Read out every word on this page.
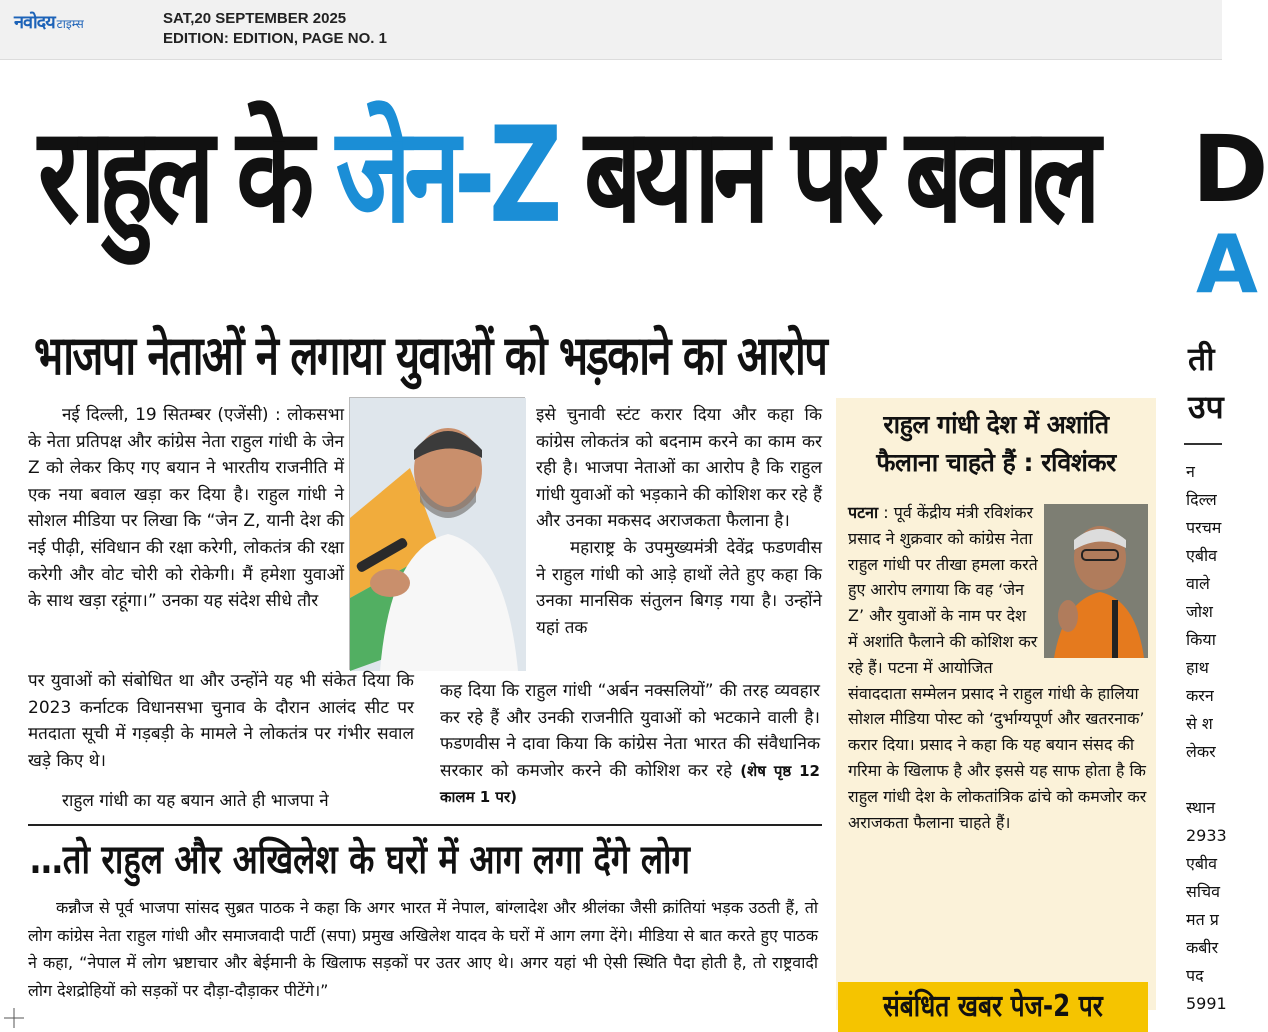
नवोदय टाइम्स	SAT,20 SEPTEMBER 2025
EDITION: EDITION, PAGE NO. 1
राहुल के जेन-Z बयान पर बवाल
भाजपा नेताओं ने लगाया युवाओं को भड़काने का आरोप
नई दिल्ली, 19 सितम्बर (एजेंसी) : लोकसभा के नेता प्रतिपक्ष और कांग्रेस नेता राहुल गांधी के जेन Z को लेकर किए गए बयान ने भारतीय राजनीति में एक नया बवाल खड़ा कर दिया है। राहुल गांधी ने सोशल मीडिया पर लिखा कि “जेन Z, यानी देश की नई पीढ़ी, संविधान की रक्षा करेगी, लोकतंत्र की रक्षा करेगी और वोट चोरी को रोकेगी। मैं हमेशा युवाओं के साथ खड़ा रहूंगा।” उनका यह संदेश सीधे तौर
पर युवाओं को संबोधित था और उन्होंने यह भी संकेत दिया कि 2023 कर्नाटक विधानसभा चुनाव के दौरान आलंद सीट पर मतदाता सूची में गड़बड़ी के मामले ने लोकतंत्र पर गंभीर सवाल खड़े किए थे।
राहुल गांधी का यह बयान आते ही भाजपा ने

इसे चुनावी स्टंट करार दिया और कहा कि कांग्रेस लोकतंत्र को बदनाम करने का काम कर रही है। भाजपा नेताओं का आरोप है कि राहुल गांधी युवाओं को भड़काने की कोशिश कर रहे हैं और उनका मकसद अराजकता फैलाना है।

महाराष्ट्र के उपमुख्यमंत्री देवेंद्र फडणवीस ने राहुल गांधी को आड़े हाथों लेते हुए कहा कि उनका मानसिक संतुलन बिगड़ गया है। उन्होंने यहां तक

कह दिया कि राहुल गांधी “अर्बन नक्सलियों” की तरह व्यवहार कर रहे हैं और उनकी राजनीति युवाओं को भटकाने वाली है। फडणवीस ने दावा किया कि कांग्रेस नेता भारत की संवैधानिक सरकार को कमजोर करने की कोशिश कर रहे (शेष पृष्ठ 12 कालम 1 पर)
…तो राहुल और अखिलेश के घरों में आग लगा देंगे लोग

कन्नौज से पूर्व भाजपा सांसद सुब्रत पाठक ने कहा कि अगर भारत में नेपाल, बांग्लादेश और श्रीलंका जैसी क्रांतियां भड़क उठती हैं, तो लोग कांग्रेस नेता राहुल गांधी और समाजवादी पार्टी (सपा) प्रमुख अखिलेश यादव के घरों में आग लगा देंगे। मीडिया से बात करते हुए पाठक ने कहा, “नेपाल में लोग भ्रष्टाचार और बेईमानी के खिलाफ सड़कों पर उतर आए थे। अगर यहां भी ऐसी स्थिति पैदा होती है, तो राष्ट्रवादी लोग देशद्रोहियों को सड़कों पर दौड़ा-दौड़ाकर पीटेंगे।”

राहुल गांधी देश में अशांति
फैलाना चाहते हैं : रविशंकर
पटना : पूर्व केंद्रीय मंत्री रविशंकर प्रसाद ने शुक्रवार को कांग्रेस नेता राहुल गांधी पर तीखा हमला करते हुए आरोप लगाया कि वह ‘जेन Z’ और युवाओं के नाम पर देश में अशांति फैलाने की कोशिश कर रहे हैं। पटना में आयोजित संवाददाता सम्मेलन प्रसाद ने राहुल गांधी के हालिया सोशल मीडिया पोस्ट को ‘दुर्भाग्यपूर्ण और खतरनाक’ करार दिया। प्रसाद ने कहा कि यह बयान संसद की गरिमा के खिलाफ है और इससे यह साफ होता है कि राहुल गांधी देश के लोकतांत्रिक ढांचे को कमजोर कर अराजकता फैलाना चाहते हैं।
संबंधित खबर पेज-2 पर
D
A
ती
उप
न
दिल्ल
परचम
एबीव
वाले
जोश
किया
हाथ
करन
से श
लेकर

स्थान
2933
एबीव
सचिव
मत प्र
कबीर
पद
5991
